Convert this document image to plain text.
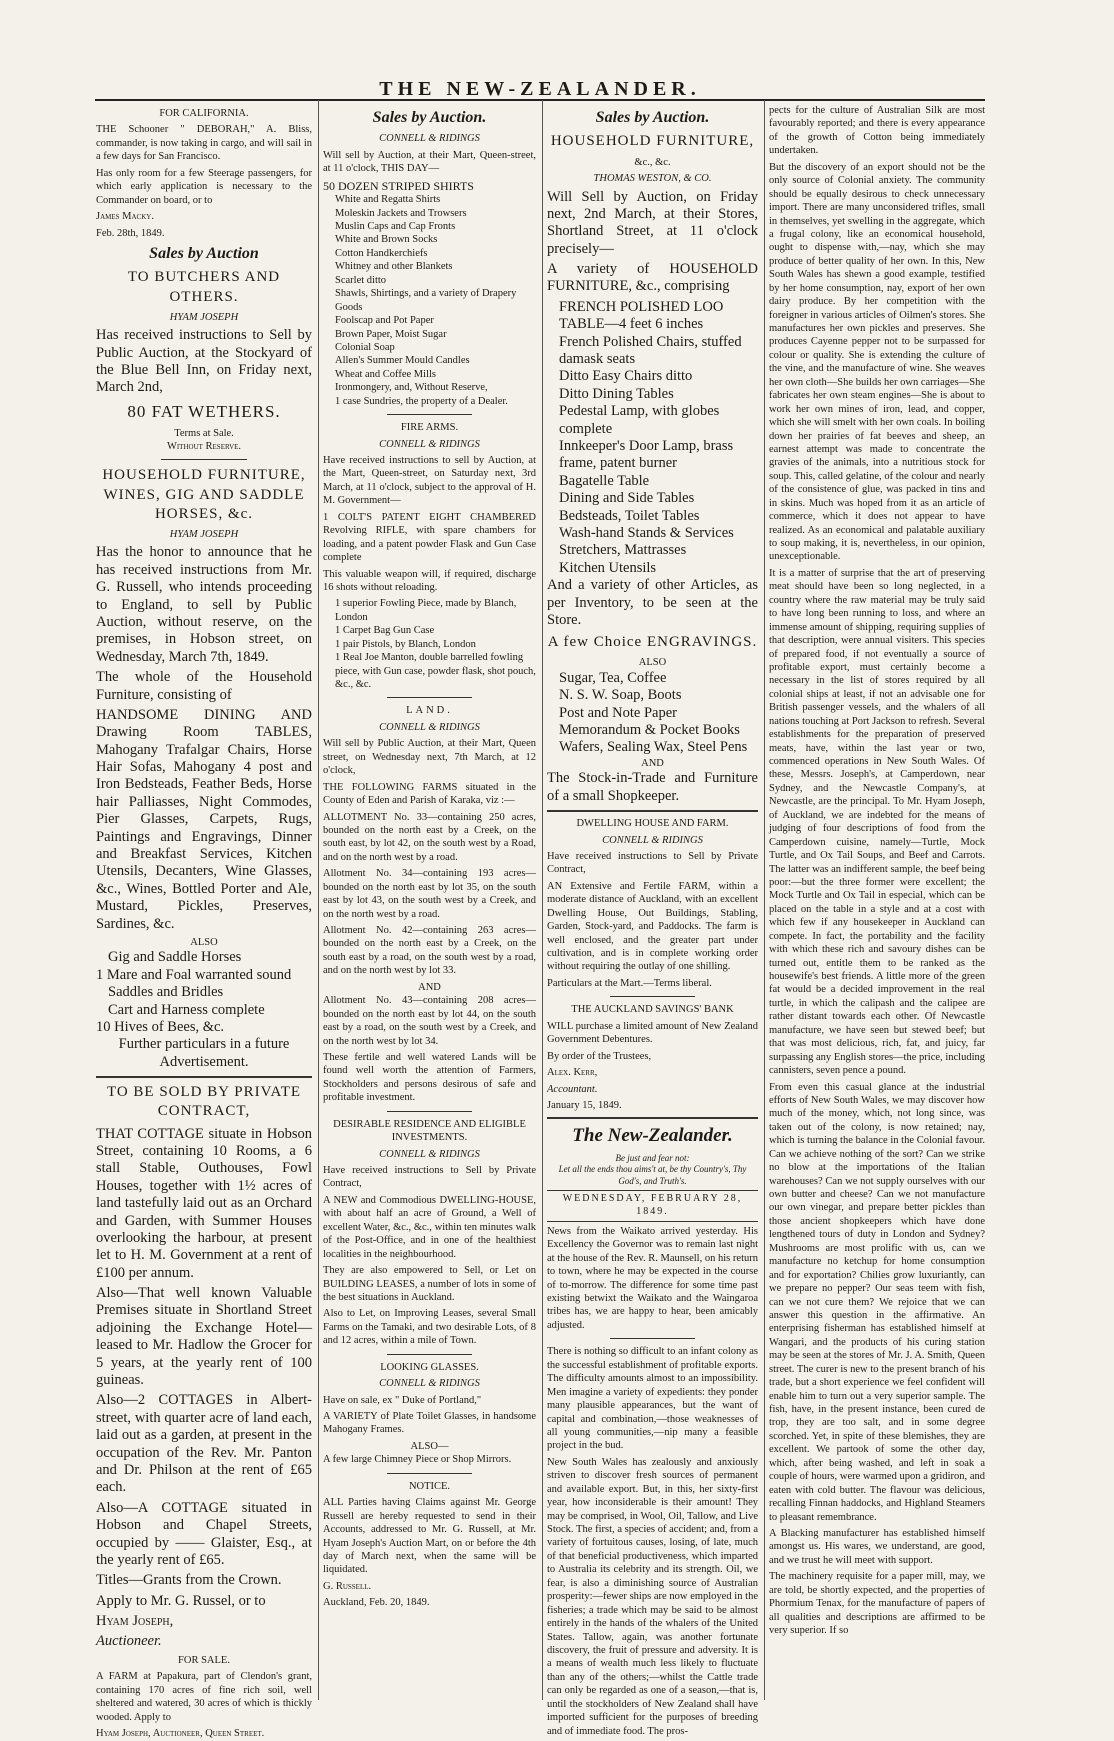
THE NEW-ZEALANDER.
FOR CALIFORNIA.

THE Schooner " DEBORAH," A. Bliss, commander, is now taking in cargo, and will sail in a few days for San Francisco.

Has only room for a few Steerage passengers, for which early application is necessary to the Commander on board, or to

James Macky.

Feb. 28th, 1849.

Sales by Auction
TO BUTCHERS AND OTHERS.
HYAM JOSEPH

Has received instructions to Sell by Public Auction, at the Stockyard of the Blue Bell Inn, on Friday next, March 2nd,

80 FAT WETHERS.
Terms at Sale.
Without Reserve.
HOUSEHOLD FURNITURE, WINES, GIG AND SADDLE HORSES, &c.
HYAM JOSEPH

Has the honor to announce that he has received instructions from Mr. G. Russell, who intends proceeding to England, to sell by Public Auction, without reserve, on the premises, in Hobson street, on Wednesday, March 7th, 1849.

The whole of the Household Furniture, consisting of

HANDSOME DINING AND Drawing Room TABLES, Mahogany Trafalgar Chairs, Horse Hair Sofas, Mahogany 4 post and Iron Bedsteads, Feather Beds, Horse hair Palliasses, Night Commodes, Pier Glasses, Carpets, Rugs, Paintings and Engravings, Dinner and Breakfast Services, Kitchen Utensils, Decanters, Wine Glasses, &c., Wines, Bottled Porter and Ale, Mustard, Pickles, Preserves, Sardines, &c.

ALSO
Gig and Saddle Horses
1 Mare and Foal warranted sound
Saddles and Bridles
Cart and Harness complete
10 Hives of Bees, &c.
Further particulars in a future Advertisement.
TO BE SOLD BY PRIVATE CONTRACT,

THAT COTTAGE situate in Hobson Street, containing 10 Rooms, a 6 stall Stable, Outhouses, Fowl Houses, together with 1½ acres of land tastefully laid out as an Orchard and Garden, with Summer Houses overlooking the harbour, at present let to H. M. Government at a rent of £100 per annum.

Also—That well known Valuable Premises situate in Shortland Street adjoining the Exchange Hotel—leased to Mr. Hadlow the Grocer for 5 years, at the yearly rent of 100 guineas.

Also—2 COTTAGES in Albert-street, with quarter acre of land each, laid out as a garden, at present in the occupation of the Rev. Mr. Panton and Dr. Philson at the rent of £65 each.

Also—A COTTAGE situated in Hobson and Chapel Streets, occupied by —— Glaister, Esq., at the yearly rent of £65.

Titles—Grants from the Crown.

Apply to Mr. G. Russel, or to

Hyam Joseph,

Auctioneer.

FOR SALE.

A FARM at Papakura, part of Clendon's grant, containing 170 acres of fine rich soil, well sheltered and watered, 30 acres of which is thickly wooded. Apply to

Hyam Joseph, Auctioneer, Queen Street.

Sales by Auction.
CONNELL & RIDINGS

Will sell by Auction, at their Mart, Queen-street, at 11 o'clock, THIS DAY—

50 DOZEN STRIPED SHIRTS
White and Regatta Shirts
Moleskin Jackets and Trowsers
Muslin Caps and Cap Fronts
White and Brown Socks
Cotton Handkerchiefs
Whitney and other Blankets
Scarlet ditto
Shawls, Shirtings, and a variety of Drapery Goods
Foolscap and Pot Paper
Brown Paper, Moist Sugar
Colonial Soap
Allen's Summer Mould Candles
Wheat and Coffee Mills
Ironmongery, and, Without Reserve,
1 case Sundries, the property of a Dealer.
FIRE ARMS.
CONNELL & RIDINGS

Have received instructions to sell by Auction, at the Mart, Queen-street, on Saturday next, 3rd March, at 11 o'clock, subject to the approval of H. M. Government—

1 COLT'S PATENT EIGHT CHAMBERED Revolving RIFLE, with spare chambers for loading, and a patent powder Flask and Gun Case complete

This valuable weapon will, if required, discharge 16 shots without reloading.

1 superior Fowling Piece, made by Blanch, London
1 Carpet Bag Gun Case
1 pair Pistols, by Blanch, London
1 Real Joe Manton, double barrelled fowling piece, with Gun case, powder flask, shot pouch, &c., &c.
LAND.
CONNELL & RIDINGS

Will sell by Public Auction, at their Mart, Queen street, on Wednesday next, 7th March, at 12 o'clock,

THE FOLLOWING FARMS situated in the County of Eden and Parish of Karaka, viz :—

ALLOTMENT No. 33—containing 250 acres, bounded on the north east by a Creek, on the south east, by lot 42, on the south west by a Road, and on the north west by a road.

Allotment No. 34—containing 193 acres—bounded on the north east by lot 35, on the south east by lot 43, on the south west by a Creek, and on the north west by a road.

Allotment No. 42—containing 263 acres—bounded on the north east by a Creek, on the south east by a road, on the south west by a road, and on the north west by lot 33.

AND

Allotment No. 43—containing 208 acres—bounded on the north east by lot 44, on the south east by a road, on the south west by a Creek, and on the north west by lot 34.

These fertile and well watered Lands will be found well worth the attention of Farmers, Stockholders and persons desirous of safe and profitable investment.

DESIRABLE RESIDENCE AND ELIGIBLE INVESTMENTS.
CONNELL & RIDINGS

Have received instructions to Sell by Private Contract,

A NEW and Commodious DWELLING-HOUSE, with about half an acre of Ground, a Well of excellent Water, &c., &c., within ten minutes walk of the Post-Office, and in one of the healthiest localities in the neighbourhood.

They are also empowered to Sell, or Let on BUILDING LEASES, a number of lots in some of the best situations in Auckland.

Also to Let, on Improving Leases, several Small Farms on the Tamaki, and two desirable Lots, of 8 and 12 acres, within a mile of Town.

LOOKING GLASSES.
CONNELL & RIDINGS

Have on sale, ex " Duke of Portland,"

A VARIETY of Plate Toilet Glasses, in handsome Mahogany Frames.

ALSO—

A few large Chimney Piece or Shop Mirrors.

NOTICE.

ALL Parties having Claims against Mr. George Russell are hereby requested to send in their Accounts, addressed to Mr. G. Russell, at Mr. Hyam Joseph's Auction Mart, on or before the 4th day of March next, when the same will be liquidated.

G. Russell.

Auckland, Feb. 20, 1849.

Sales by Auction.
HOUSEHOLD FURNITURE,
&c., &c.
THOMAS WESTON, & CO.

Will Sell by Auction, on Friday next, 2nd March, at their Stores, Shortland Street, at 11 o'clock precisely—

A variety of HOUSEHOLD FURNITURE, &c., comprising

FRENCH POLISHED LOO TABLE—4 feet 6 inches
French Polished Chairs, stuffed damask seats
Ditto Easy Chairs ditto
Ditto Dining Tables
Pedestal Lamp, with globes complete
Innkeeper's Door Lamp, brass frame, patent burner
Bagatelle Table
Dining and Side Tables
Bedsteads, Toilet Tables
Wash-hand Stands & Services
Stretchers, Mattrasses
Kitchen Utensils

And a variety of other Articles, as per Inventory, to be seen at the Store.

A few Choice ENGRAVINGS.
ALSO
Sugar, Tea, Coffee
N. S. W. Soap, Boots
Post and Note Paper
Memorandum & Pocket Books
Wafers, Sealing Wax, Steel Pens
AND

The Stock-in-Trade and Furniture of a small Shopkeeper.

DWELLING HOUSE AND FARM.
CONNELL & RIDINGS

Have received instructions to Sell by Private Contract,

AN Extensive and Fertile FARM, within a moderate distance of Auckland, with an excellent Dwelling House, Out Buildings, Stabling, Garden, Stock-yard, and Paddocks. The farm is well enclosed, and the greater part under cultivation, and is in complete working order without requiring the outlay of one shilling.

Particulars at the Mart.—Terms liberal.

THE AUCKLAND SAVINGS' BANK

WILL purchase a limited amount of New Zealand Government Debentures.

By order of the Trustees,

Alex. Kerr,

Accountant.

January 15, 1849.

The New-Zealander.
Be just and fear not:
Let all the ends thou aims't at, be thy Country's, Thy God's, and Truth's.
WEDNESDAY, FEBRUARY 28, 1849.

News from the Waikato arrived yesterday. His Excellency the Governor was to remain last night at the house of the Rev. R. Maunsell, on his return to town, where he may be expected in the course of to-morrow. The difference for some time past existing betwixt the Waikato and the Waingaroa tribes has, we are happy to hear, been amicably adjusted.

There is nothing so difficult to an infant colony as the successful establishment of profitable exports. The difficulty amounts almost to an impossibility. Men imagine a variety of expedients: they ponder many plausible appearances, but the want of capital and combination,—those weaknesses of all young communities,—nip many a feasible project in the bud.

New South Wales has zealously and anxiously striven to discover fresh sources of permanent and available export. But, in this, her sixty-first year, how inconsiderable is their amount! They may be comprised, in Wool, Oil, Tallow, and Live Stock. The first, a species of accident; and, from a variety of fortuitous causes, losing, of late, much of that beneficial productiveness, which imparted to Australia its celebrity and its strength. Oil, we fear, is also a diminishing source of Australian prosperity:—fewer ships are now employed in the fisheries; a trade which may be said to be almost entirely in the hands of the whalers of the United States. Tallow, again, was another fortunate discovery, the fruit of pressure and adversity. It is a means of wealth much less likely to fluctuate than any of the others;—whilst the Cattle trade can only be regarded as one of a season,—that is, until the stockholders of New Zealand shall have imported sufficient for the purposes of breeding and of immediate food. The pros-

pects for the culture of Australian Silk are most favourably reported; and there is every appearance of the growth of Cotton being immediately undertaken.

But the discovery of an export should not be the only source of Colonial anxiety. The community should be equally desirous to check unnecessary import. There are many unconsidered trifles, small in themselves, yet swelling in the aggregate, which a frugal colony, like an economical household, ought to dispense with,—nay, which she may produce of better quality of her own. In this, New South Wales has shewn a good example, testified by her home consumption, nay, export of her own dairy produce. By her competition with the foreigner in various articles of Oilmen's stores. She manufactures her own pickles and preserves. She produces Cayenne pepper not to be surpassed for colour or quality. She is extending the culture of the vine, and the manufacture of wine. She weaves her own cloth—She builds her own carriages—She fabricates her own steam engines—She is about to work her own mines of iron, lead, and copper, which she will smelt with her own coals. In boiling down her prairies of fat beeves and sheep, an earnest attempt was made to concentrate the gravies of the animals, into a nutritious stock for soup. This, called gelatine, of the colour and nearly of the consistence of glue, was packed in tins and in skins. Much was hoped from it as an article of commerce, which it does not appear to have realized. As an economical and palatable auxiliary to soup making, it is, nevertheless, in our opinion, unexceptionable.

It is a matter of surprise that the art of preserving meat should have been so long neglected, in a country where the raw material may be truly said to have long been running to loss, and where an immense amount of shipping, requiring supplies of that description, were annual visiters. This species of prepared food, if not eventually a source of profitable export, must certainly become a necessary in the list of stores required by all colonial ships at least, if not an advisable one for British passenger vessels, and the whalers of all nations touching at Port Jackson to refresh. Several establishments for the preparation of preserved meats, have, within the last year or two, commenced operations in New South Wales. Of these, Messrs. Joseph's, at Camperdown, near Sydney, and the Newcastle Company's, at Newcastle, are the principal. To Mr. Hyam Joseph, of Auckland, we are indebted for the means of judging of four descriptions of food from the Camperdown cuisine, namely—Turtle, Mock Turtle, and Ox Tail Soups, and Beef and Carrots. The latter was an indifferent sample, the beef being poor:—but the three former were excellent; the Mock Turtle and Ox Tail in especial, which can be placed on the table in a style and at a cost with which few if any housekeeper in Auckland can compete. In fact, the portability and the facility with which these rich and savoury dishes can be turned out, entitle them to be ranked as the housewife's best friends. A little more of the green fat would be a decided improvement in the real turtle, in which the calipash and the calipee are rather distant towards each other. Of Newcastle manufacture, we have seen but stewed beef; but that was most delicious, rich, fat, and juicy, far surpassing any English stores—the price, including cannisters, seven pence a pound.

From even this casual glance at the industrial efforts of New South Wales, we may discover how much of the money, which, not long since, was taken out of the colony, is now retained; nay, which is turning the balance in the Colonial favour. Can we achieve nothing of the sort? Can we strike no blow at the importations of the Italian warehouses? Can we not supply ourselves with our own butter and cheese? Can we not manufacture our own vinegar, and prepare better pickles than those ancient shopkeepers which have done lengthened tours of duty in London and Sydney? Mushrooms are most prolific with us, can we manufacture no ketchup for home consumption and for exportation? Chilies grow luxuriantly, can we prepare no pepper? Our seas teem with fish, can we not cure them? We rejoice that we can answer this question in the affirmative. An enterprising fisherman has established himself at Wangari, and the products of his curing station may be seen at the stores of Mr. J. A. Smith, Queen street. The curer is new to the present branch of his trade, but a short experience we feel confident will enable him to turn out a very superior sample. The fish, have, in the present instance, been cured de trop, they are too salt, and in some degree scorched. Yet, in spite of these blemishes, they are excellent. We partook of some the other day, which, after being washed, and left in soak a couple of hours, were warmed upon a gridiron, and eaten with cold butter. The flavour was delicious, recalling Finnan haddocks, and Highland Steamers to pleasant remembrance.

A Blacking manufacturer has established himself amongst us. His wares, we understand, are good, and we trust he will meet with support.

The machinery requisite for a paper mill, may, we are told, be shortly expected, and the properties of Phormium Tenax, for the manufacture of papers of all qualities and descriptions are affirmed to be very superior. If so
